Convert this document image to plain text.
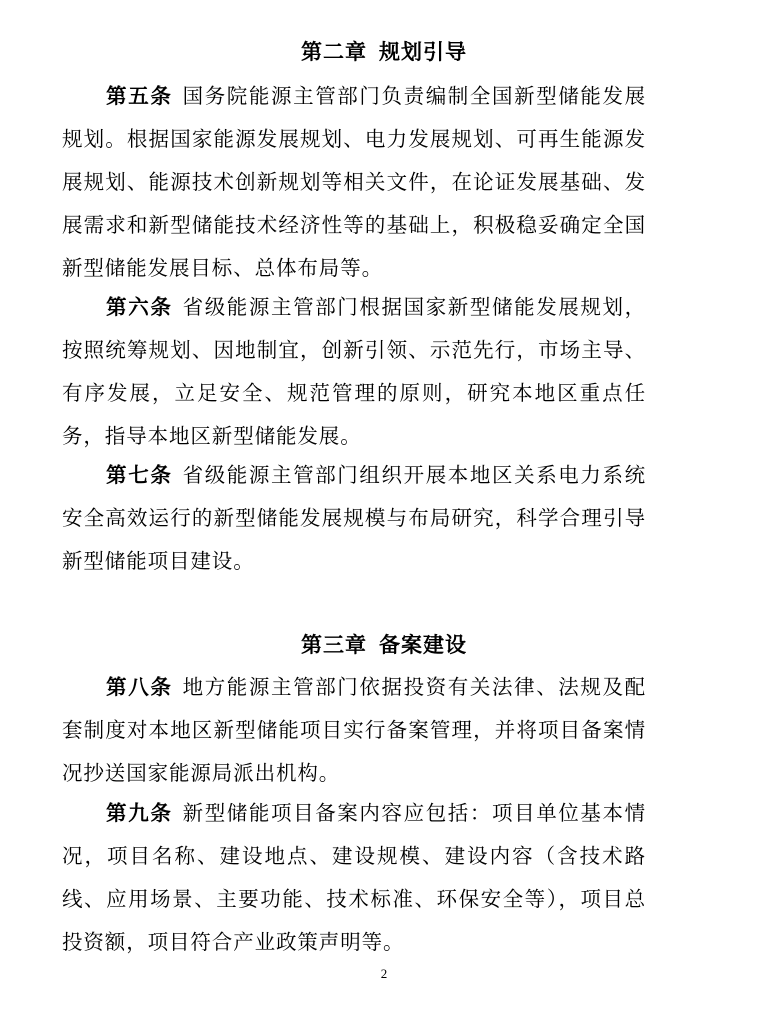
第二章 规划引导
第五条 国务院能源主管部门负责编制全国新型储能发展规划。根据国家能源发展规划、电力发展规划、可再生能源发展规划、能源技术创新规划等相关文件，在论证发展基础、发展需求和新型储能技术经济性等的基础上，积极稳妥确定全国新型储能发展目标、总体布局等。
第六条 省级能源主管部门根据国家新型储能发展规划，按照统筹规划、因地制宜，创新引领、示范先行，市场主导、有序发展，立足安全、规范管理的原则，研究本地区重点任务，指导本地区新型储能发展。
第七条 省级能源主管部门组织开展本地区关系电力系统安全高效运行的新型储能发展规模与布局研究，科学合理引导新型储能项目建设。
第三章 备案建设
第八条 地方能源主管部门依据投资有关法律、法规及配套制度对本地区新型储能项目实行备案管理，并将项目备案情况抄送国家能源局派出机构。
第九条 新型储能项目备案内容应包括：项目单位基本情况，项目名称、建设地点、建设规模、建设内容（含技术路线、应用场景、主要功能、技术标准、环保安全等），项目总投资额，项目符合产业政策声明等。
2
